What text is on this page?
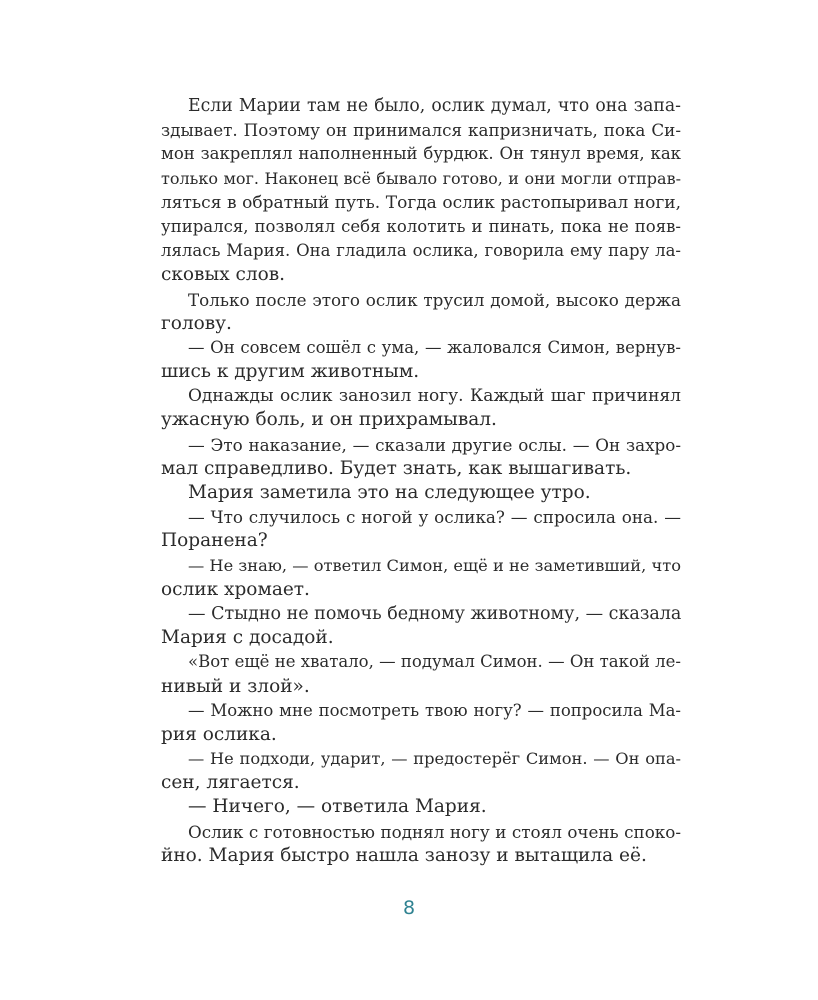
Если Марии там не было, ослик думал, что она запа-
здывает. Поэтому он принимался капризничать, пока Си-
мон закреплял наполненный бурдюк. Он тянул время, как
только мог. Наконец всё бывало готово, и они могли отправ-
ляться в обратный путь. Тогда ослик растопыривал ноги,
упирался, позволял себя колотить и пинать, пока не появ-
лялась Мария. Она гладила ослика, говорила ему пару ла-
сковых слов.
Только после этого ослик трусил домой, высоко держа
голову.
— Он совсем сошёл с ума, — жаловался Симон, вернув-
шись к другим животным.
Однажды ослик занозил ногу. Каждый шаг причинял
ужасную боль, и он прихрамывал.
— Это наказание, — сказали другие ослы. — Он захро-
мал справедливо. Будет знать, как вышагивать.
Мария заметила это на следующее утро.
— Что случилось с ногой у ослика? — спросила она. —
Поранена?
— Не знаю, — ответил Симон, ещё и не заметивший, что
ослик хромает.
— Стыдно не помочь бедному животному, — сказала
Мария с досадой.
«Вот ещё не хватало, — подумал Симон. — Он такой ле-
нивый и злой».
— Можно мне посмотреть твою ногу? — попросила Ма-
рия ослика.
— Не подходи, ударит, — предостерёг Симон. — Он опа-
сен, лягается.
— Ничего, — ответила Мария.
Ослик с готовностью поднял ногу и стоял очень споко-
йно. Мария быстро нашла занозу и вытащила её.
8
